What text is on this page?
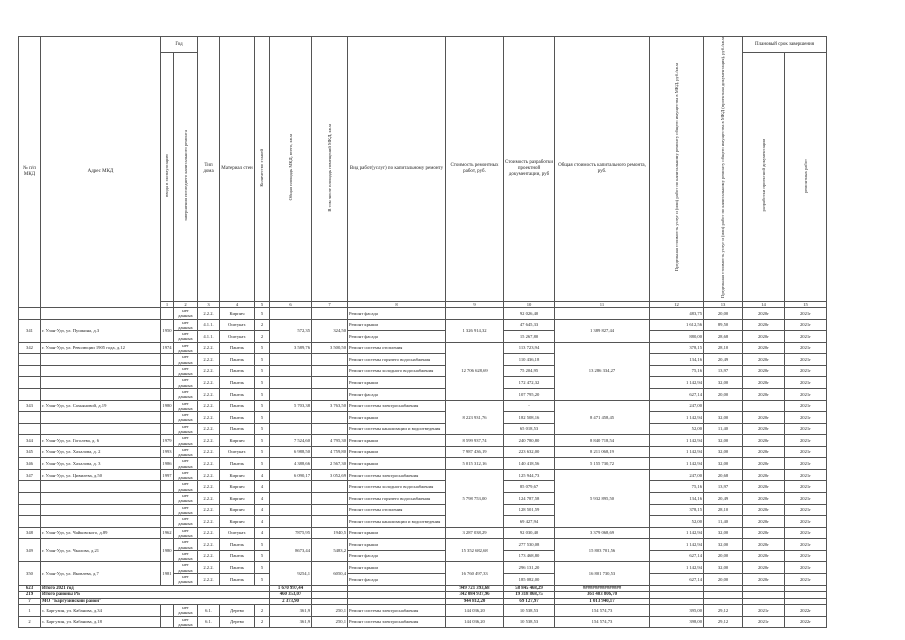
№ п/п МКД	Адрес МКД	Год		Тип дома	Материал стен	Количество этажей	Общая площадь МКД, всего, кв.м	В том числе площадь помещений МКД, кв.м	Вид работ(услуг) по капитальному ремонту	Стоимость ремонтных работ, руб.	Стоимость разработки проектной документации, руб	Общая стоимость капитального ремонта, руб.	Предельная стоимость услуг и (или) работ по капитальному ремонту общего имущества в МКД, руб./кв.м	Предельная стоимость услуг и (или) работ по капитальному ремонту общего имущества в МКД (проектная документация), руб./кв.м	Плановый срок завершения		
		ввода в эксплуатацию	завершения последнего капитального ремонта												разработки проектной документации	ремонтных работ	
		1	2	3	4	5	6	7	8	9	10	11	12	13	14	15		
			нет данных	2.2.2.	Кирпич	5			Ремонт фасада		92 026,40		483,75	20,00	2020г	2021г	
341	г. Улан-Удэ, ул. Пушкина, д.3	1950	нет данных	4.1.1.	Оштукат.	2	572,35	324,50	Ремонт крыши	1 326 914,32	47 645,33	1 389 827,44	1 612,56	89,50	2020г	2021г	
			нет данных	4.1.1.	Оштукат.	2			Ремонт фасада		15 267,80		880,00	28,68	2020г	2021г	
342	г. Улан-Удэ, ул. Революции 1905 года, д.12	1974	нет данных	2.2.2.	Панель	5	3 589,76	3 500,50	Ремонт системы отопления	12 706 628,69	113 723,94	13 286 334,27	378,15	28,10	2020г	2021г	
			нет данных	2.2.2.	Панель	5			Ремонт системы горячего водоснабжения		110 436,18		134,16	20,49	2020г	2021г	
			нет данных	2.2.2.	Панель	5			Ремонт системы холодного водоснабжения		75 204,95		75,16	13,97	2020г	2021г	
			нет данных	2.2.2.	Панель	5			Ремонт крыши		172 472,32		1 142,94	32,00	2020г	2021г	
			нет данных	2.2.2.	Панель	5			Ремонт фасада		107 795,20		627,14	20,00	2020г	2021г	
343	г. Улан-Удэ, ул. Сахьяновой, д.19	1980	нет данных	2.2.2.	Панель	5	5 703,38	3 763,50	Ремонт системы электроснабжения	8 223 931,76	-	8 471 458,45	247,00			2021г	
			нет данных	2.2.2.	Панель	5			Ремонт крыши		182 508,16		1 142,94	32,00	2020г	2021г	
			нет данных	2.2.2.	Панель	5			Ремонт системы канализации и водоотведения		65 018,53		52,00	11,40	2020г	2021г	
344	г. Улан-Удэ, ул. Гоголева, д. 6	1979	нет данных	2.2.2.	Кирпич	5	7 524,60	4 795,30	Ремонт крыши	8 599 937,74	240 780,80	8 840 718,54	1 142,94	32,00	2020г	2021г	
345	г. Улан-Удэ, ул. Хахалова, д. 2	1993	нет данных	2.2.2.	Оштукат.	5	6 988,50	4 759,80	Ремонт крыши	7 987 436,19	223 632,00	8 211 068,19	1 142,94	32,00	2020г	2021г	
346	г. Улан-Удэ, ул. Хахалова, д. 3	1986	нет данных	2.2.2.	Панель	5	4 388,66	2 567,30	Ремонт крыши	5 015 312,16	140 418,56	5 155 730,72	1 142,94	32,00	2020г	2021г	
347	г. Улан-Удэ, ул. Цивилева, д.50	1997	нет данных	2.2.2.	Кирпич	4	6 090,17	3 052,69	Ремонт системы электроснабжения	5 798 753,00	125 944,73	5 932 895,50	247,00	20,68	2020г	2021г	
			нет данных	2.2.2.	Кирпич	4			Ремонт системы холодного водоснабжения		85 079,67		75,16	13,97	2020г	2021г	
			нет данных	2.2.2.	Кирпич	4			Ремонт системы горячего водоснабжения		124 787,58		134,16	20,49	2020г	2021г	
			нет данных	2.2.2.	Кирпич	4			Ремонт системы отопления		128 501,59		378,15	28,10	2020г	2021г	
			нет данных	2.2.2.	Кирпич	4			Ремонт системы канализации и водоотведения		69 427,94		52,00	11,40	2020г	2021г	
348	г. Улан-Удэ, ул. Чайковского, д.89	1962	нет данных	2.2.2.	Оштукат.	4	7875,95	1940,5	Ремонт крыши	3 287 038,29	92 030,40	3 379 068,69	1 142,94	32,00	2020г	2021г	
349	г. Улан-Удэ, ул. Чкалова, д.21	1980	нет данных	2.2.2.	Панель	5	8673,44	5483,2	Ремонт крыши	15 352 682,68	277 530,08	15 803 701,56	1 142,94	32,00	2020г	2021г	
			нет данных	2.2.2.	Панель	5			Ремонт фасада		173 468,80		627,14	20,00	2020г	2021г	
350	г. Улан-Удэ, ул. Яковлева, д.7	1981	нет данных	2.2.2.	Панель	5	9254,1	6050,4	Ремонт крыши	16 760 497,33	296 131,20	16 801 730,53	1 142,94	32,00	2020г	2021г	
			нет данных	2.2.2.	Панель	5			Ремонт фасада		185 082,00		627,14	20,00	2020г	2021г	
623	Итого 2021 год						1 670 997,44			949 721 393,68	58 845 468,29	################					
219	Итого районы РБ						460 353,07			342 084 937,96	19 318 868,75	361 403 806,70					
7	МО "Баргузинский район"						2 373,90			944 812,20	69 127,97	1 013 940,17					
1	с. Баргузин, ул. Кабанова, д.34		нет данных	6.1.	Дерево	2	361,9	250,1	Ремонт системы электроснабжения	144 036,20	10 538,53	154 574,73	395,00	29,12	2021г	2022г	
2	с. Баргузин, ул. Кабанова, д.18		нет данных	6.1.	Дерево	2	361,9	250,1	Ремонт системы электроснабжения	144 036,20	10 538,53	154 574,73	398,00	29,12	2021г	2022г	
